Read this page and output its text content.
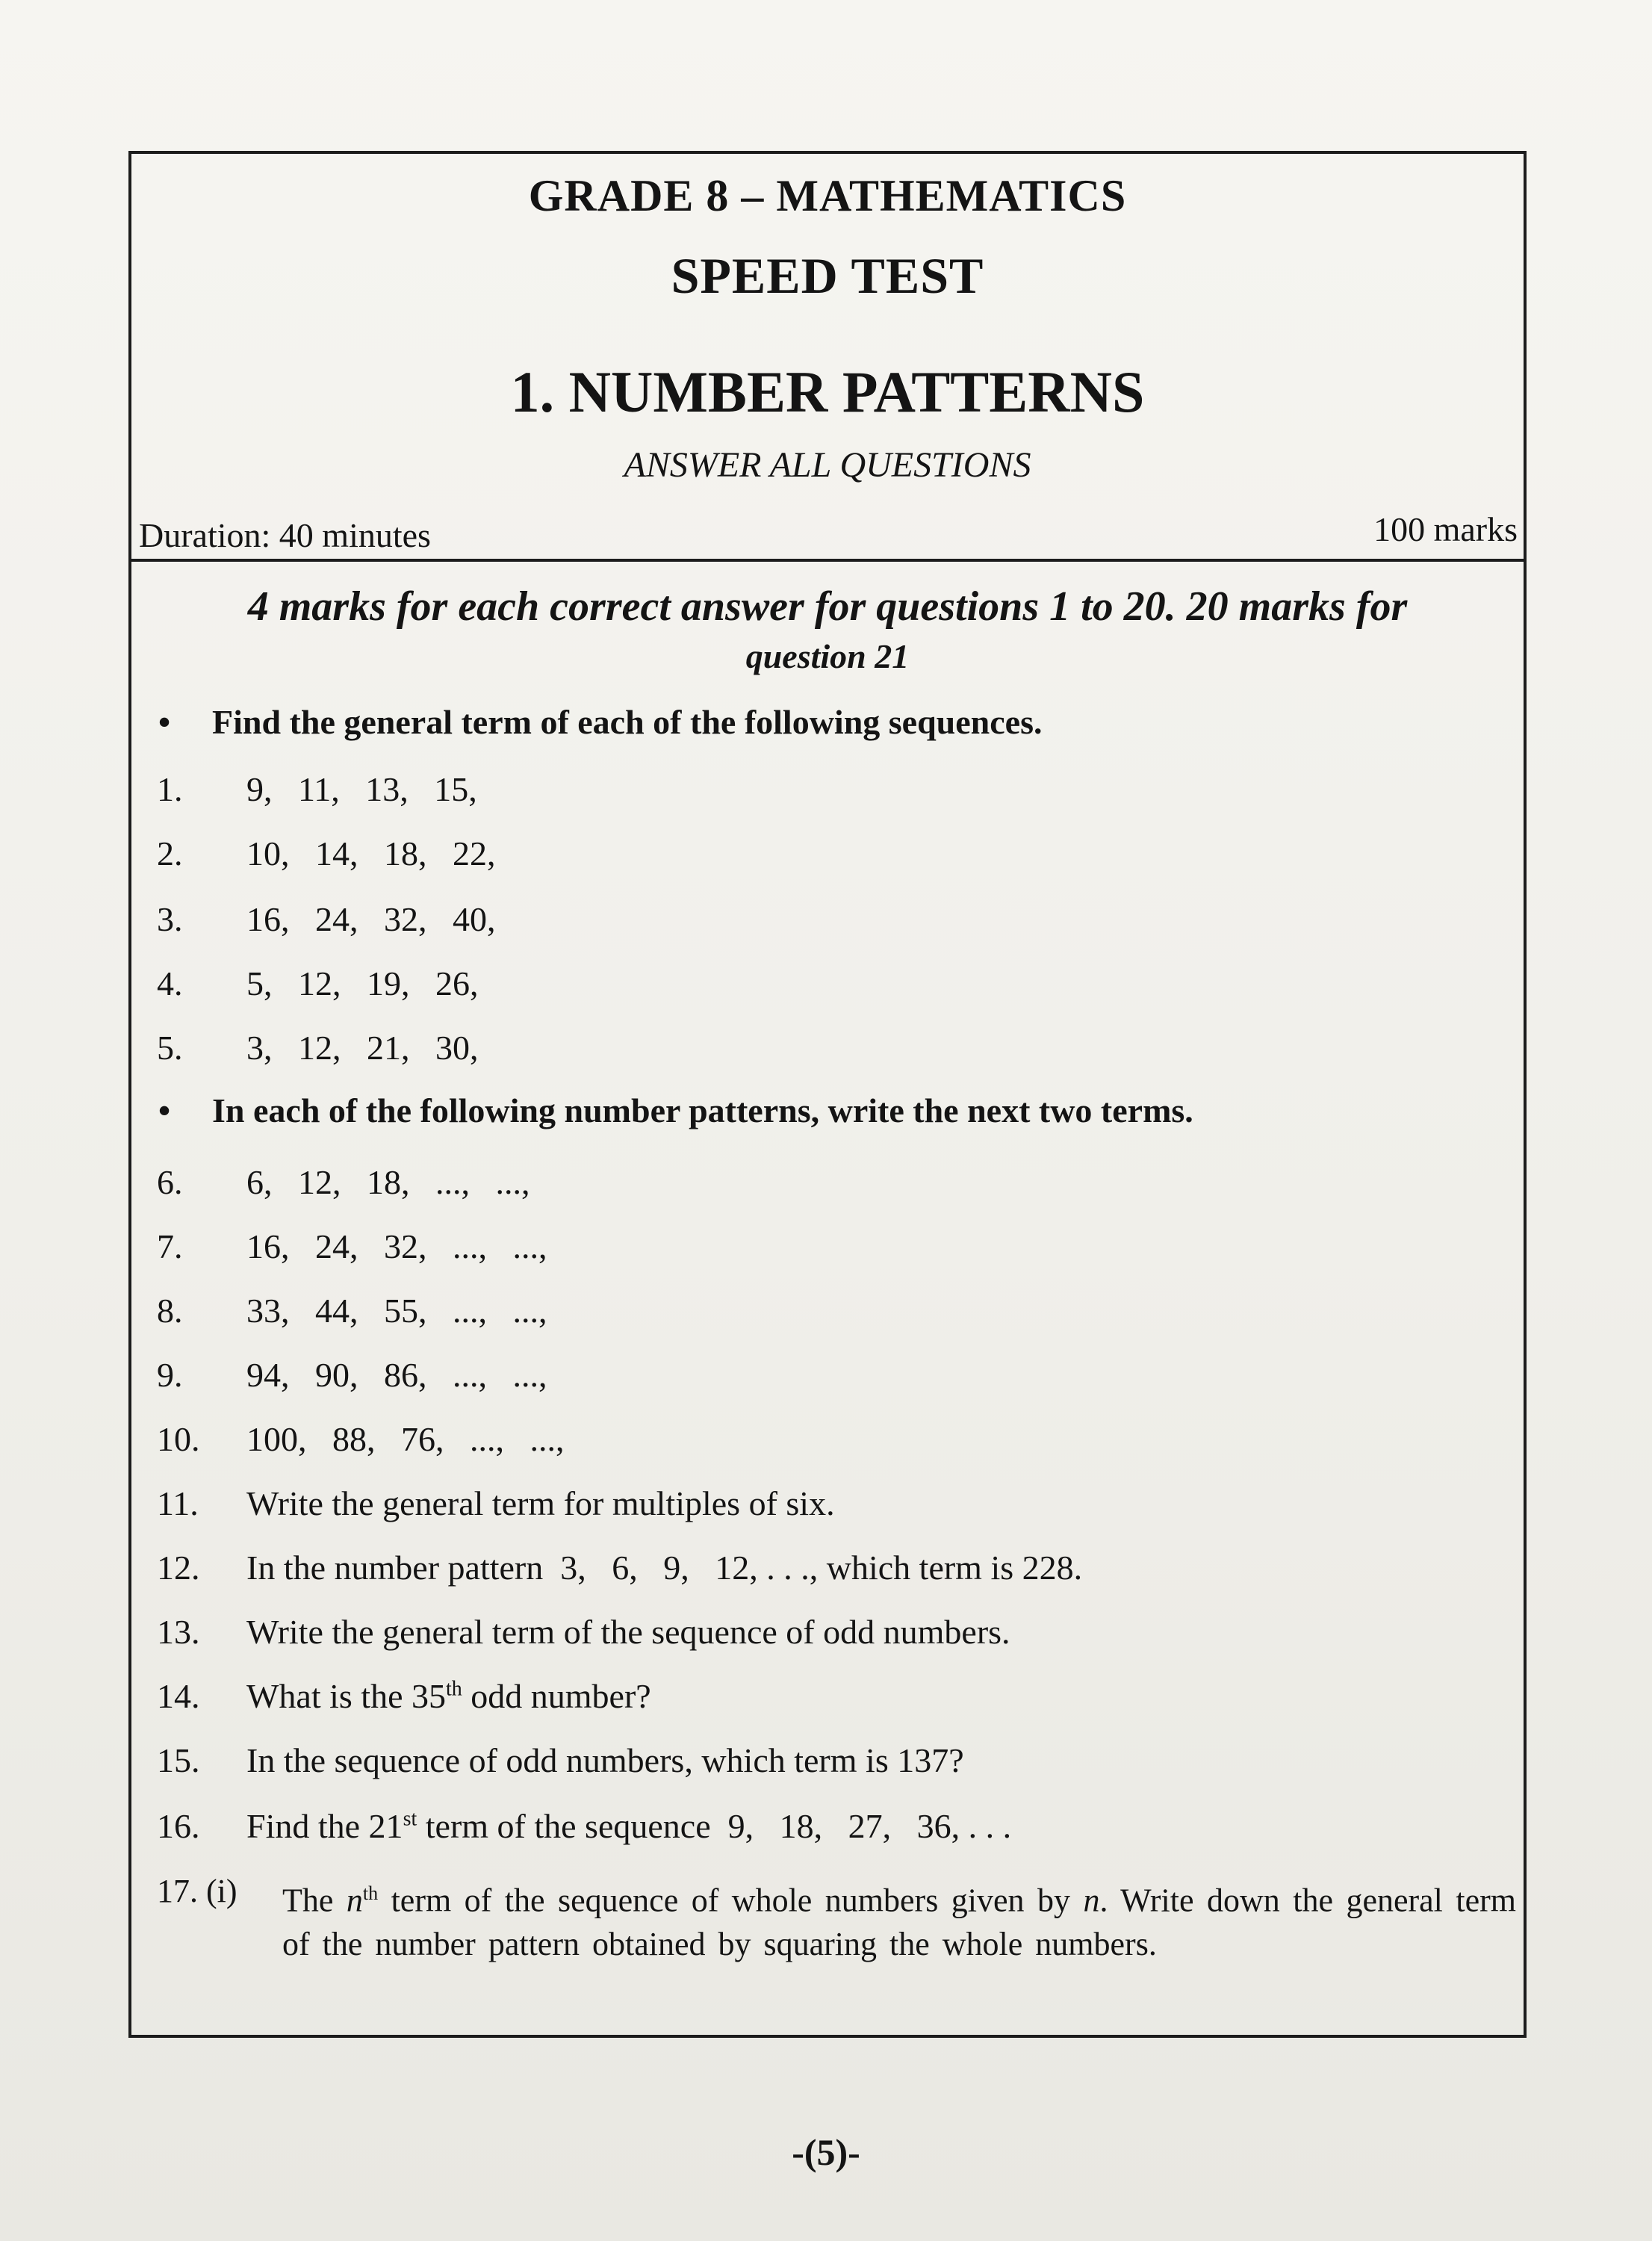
GRADE 8 – MATHEMATICS
SPEED TEST
1. NUMBER PATTERNS
ANSWER ALL QUESTIONS
Duration: 40 minutes	100 marks
4 marks for each correct answer for questions 1 to 20. 20 marks for
question 21
• Find the general term of each of the following sequences.
1. 9,   11,   13,   15,
2. 10,   14,   18,   22,
3. 16,   24,   32,   40,
4. 5,   12,   19,   26,
5. 3,   12,   21,   30,
• In each of the following number patterns, write the next two terms.
6. 6,   12,   18,   ...,   ...,
7. 16,   24,   32,   ...,   ...,
8. 33,   44,   55,   ...,   ...,
9. 94,   90,   86,   ...,   ...,
10. 100,   88,   76,   ...,   ...,
11. Write the general term for multiples of six.
12. In the number pattern  3,   6,   9,   12, . . ., which term is 228.
13. Write the general term of the sequence of odd numbers.
14. What is the 35th odd number?
15. In the sequence of odd numbers, which term is 137?
16. Find the 21st term of the sequence  9,   18,   27,   36, . . .
17. (i) The $n^{th}$ term of the sequence of whole numbers given by n. Write down the general term of the number pattern obtained by squaring the whole numbers.
-(5)-
